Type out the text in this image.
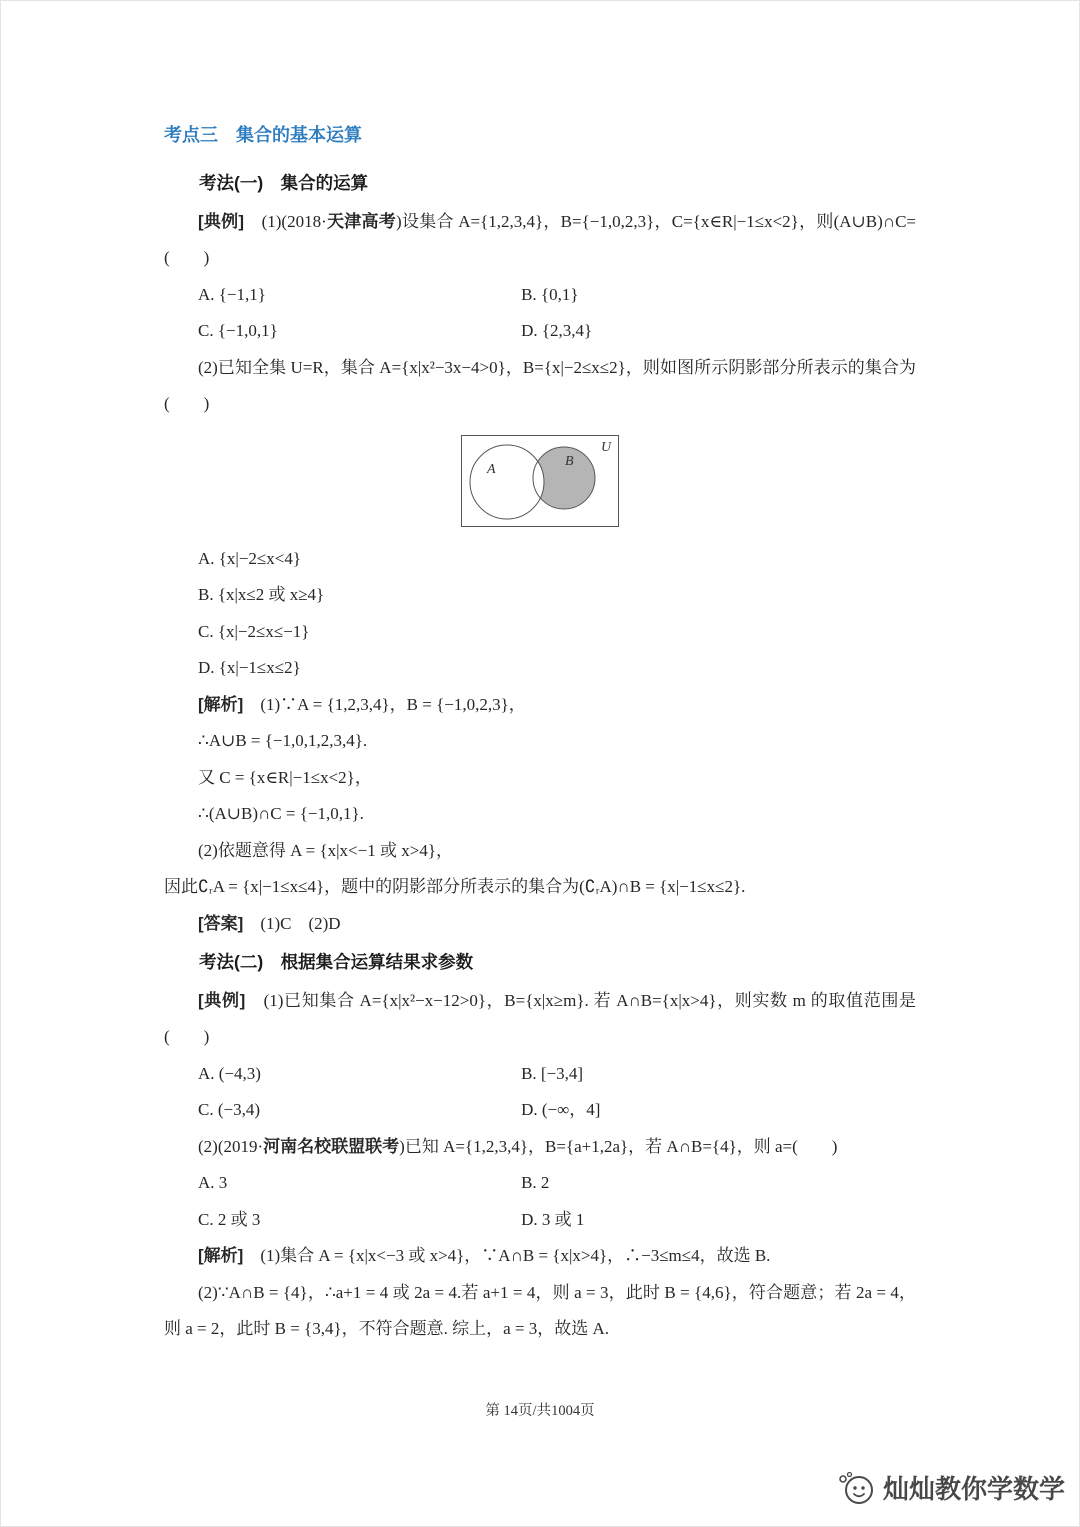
考点三　集合的基本运算
考法(一)　集合的运算

[典例]　(1)(2018·天津高考)设集合 A={1,2,3,4}，B={−1,0,2,3}，C={x∈R|−1≤x<2}，则(A∪B)∩C=(　　)

A. {−1,1}	B. {0,1}
C. {−1,0,1}	D. {2,3,4}

(2)已知全集 U=R，集合 A={x|x²−3x−4>0}，B={x|−2≤x≤2}，则如图所示阴影部分所表示的集合为(　　)

A
B
U
A. {x|−2≤x<4}
B. {x|x≤2 或 x≥4}
C. {x|−2≤x≤−1}
D. {x|−1≤x≤2}

[解析]　(1)∵A = {1,2,3,4}，B = {−1,0,2,3}，

∴A∪B = {−1,0,1,2,3,4}.

又 C = {x∈R|−1≤x<2}，

∴(A∪B)∩C = {−1,0,1}.

(2)依题意得 A = {x|x<−1 或 x>4}，

因此∁ᵣA = {x|−1≤x≤4}，题中的阴影部分所表示的集合为(∁ᵣA)∩B = {x|−1≤x≤2}.

[答案]　(1)C　(2)D

考法(二)　根据集合运算结果求参数

[典例]　(1)已知集合 A={x|x²−x−12>0}，B={x|x≥m}. 若 A∩B={x|x>4}，则实数 m 的取值范围是(　　)

A. (−4,3)	B. [−3,4]
C. (−3,4)	D. (−∞，4]

(2)(2019·河南名校联盟联考)已知 A={1,2,3,4}，B={a+1,2a}，若 A∩B={4}，则 a=(　　)

A. 3	B. 2
C. 2 或 3	D. 3 或 1

[解析]　(1)集合 A = {x|x<−3 或 x>4}，∵A∩B = {x|x>4}，∴−3≤m≤4，故选 B.

(2)∵A∩B = {4}，∴a+1 = 4 或 2a = 4.若 a+1 = 4，则 a = 3，此时 B = {4,6}，符合题意；若 2a = 4，则 a = 2，此时 B = {3,4}，不符合题意. 综上，a = 3，故选 A.

第 14页/共1004页
灿灿教你学数学
